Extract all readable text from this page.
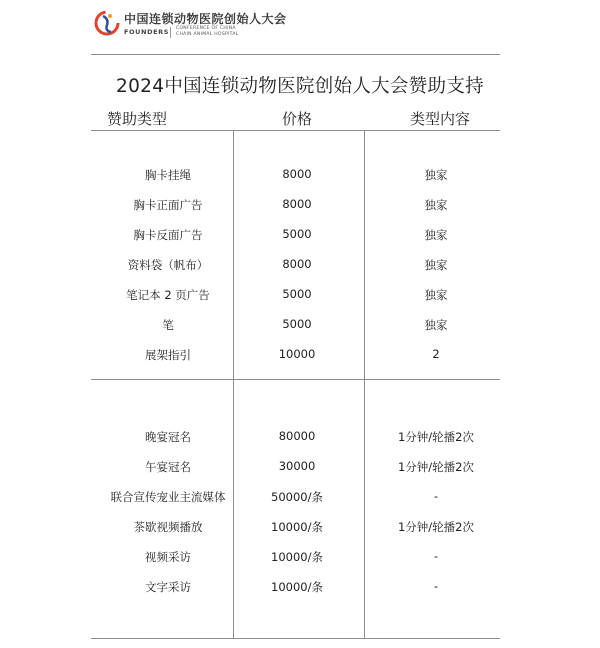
中国连锁动物医院创始人大会
FOUNDERS CONFERENCE OF CHINA
CHAIN ANIMAL HOSPITAL
2024中国连锁动物医院创始人大会赞助支持
赞助类型	价格	类型内容
胸卡挂绳	8000	独家
胸卡正面广告	8000	独家
胸卡反面广告	5000	独家
资料袋（帆布）	8000	独家
笔记本 2 页广告	5000	独家
笔	5000	独家
展架指引	10000	2
晚宴冠名	80000	1分钟/轮播2次
午宴冠名	30000	1分钟/轮播2次
联合宣传宠业主流媒体	50000/条	-
茶歇视频播放	10000/条	1分钟/轮播2次
视频采访	10000/条	-
文字采访	10000/条	-
